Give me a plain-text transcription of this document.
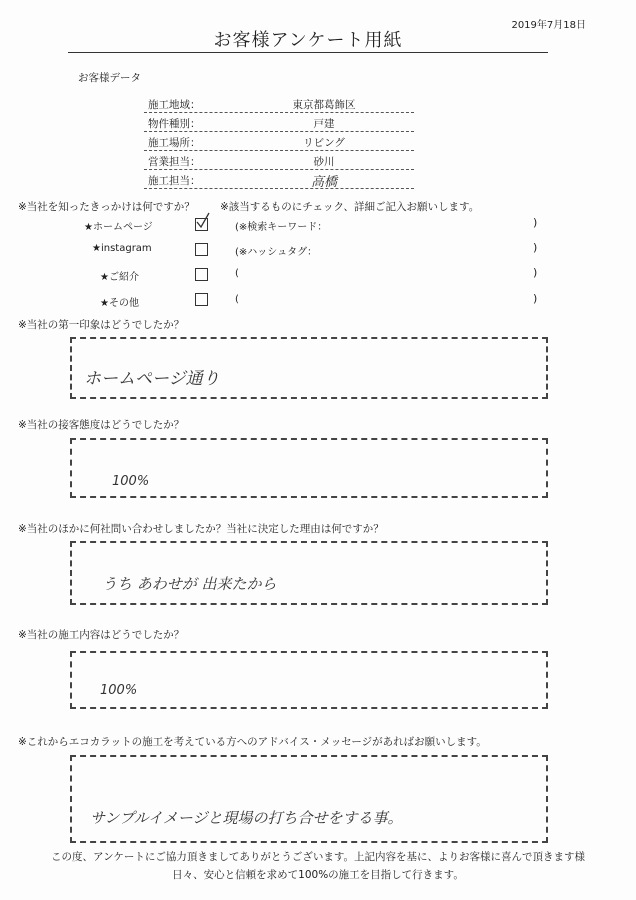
2019年7月18日
お客様アンケート用紙
お客様データ
施工地域：	東京都葛飾区
物件種別：	戸建
施工場所：	リビング
営業担当：	砂川
施工担当：	高橋
※当社を知ったきっかけは何ですか？ ※該当するものにチェック、詳細ご記入お願いします。
★ホームページ	(※検索キーワード：	)
★instagram	(※ハッシュタグ：	)
★ご紹介	(	)
★その他	(	)
※当社の第一印象はどうでしたか？
ホームページ通り
※当社の接客態度はどうでしたか？
100%
※当社のほかに何社問い合わせしましたか？当社に決定した理由は何ですか？
うち あわせが 出来たから
※当社の施工内容はどうでしたか？
100%
※これからエコカラットの施工を考えている方へのアドバイス・メッセージがあればお願いします。
サンプルイメージと現場の打ち合せをする事。
この度、アンケートにご協力頂きましてありがとうございます。上記内容を基に、よりお客様に喜んで頂きます様
日々、安心と信頼を求めて100%の施工を目指して行きます。
